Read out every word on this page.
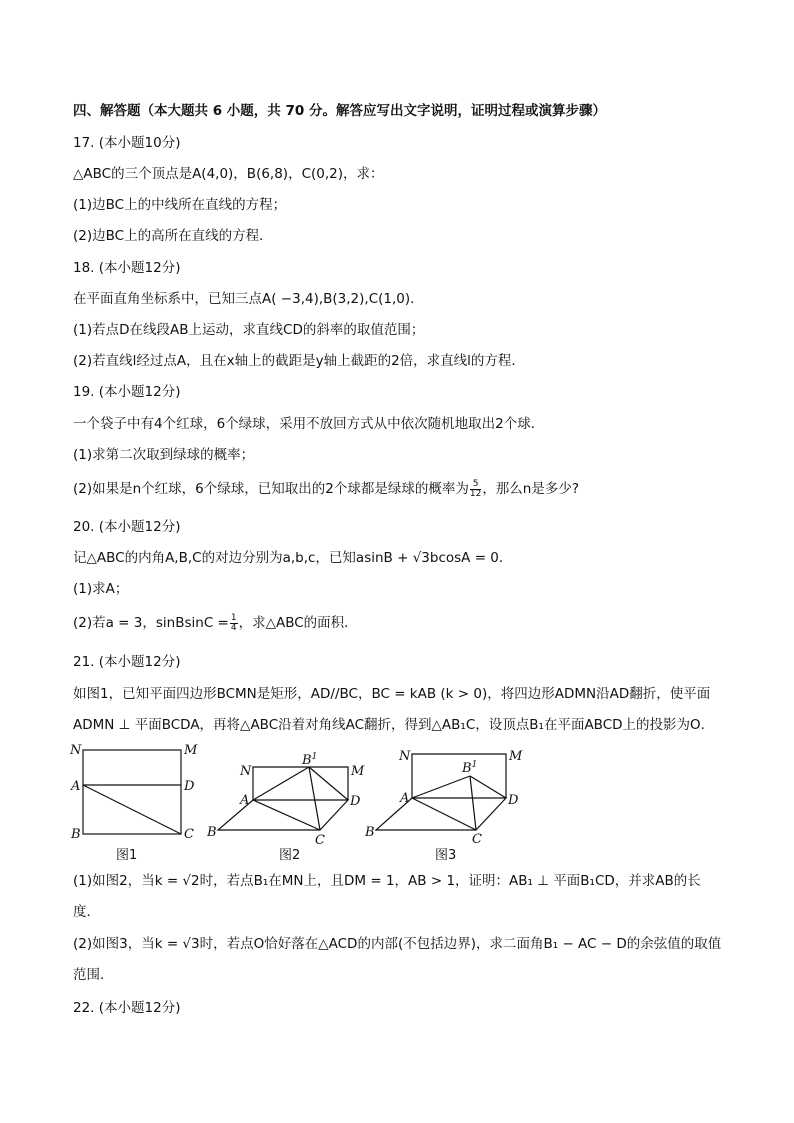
四、解答题（本大题共 6 小题，共 70 分。解答应写出文字说明，证明过程或演算步骤）
17. (本小题10分)
△ABC的三个顶点是A(4,0)，B(6,8)，C(0,2)，求：
(1)边BC上的中线所在直线的方程；
(2)边BC上的高所在直线的方程．
18. (本小题12分)
在平面直角坐标系中，已知三点A( −3,4),B(3,2),C(1,0)．
(1)若点D在线段AB上运动，求直线CD的斜率的取值范围；
(2)若直线l经过点A，且在x轴上的截距是y轴上截距的2倍，求直线l的方程．
19. (本小题12分)
一个袋子中有4个红球，6个绿球，采用不放回方式从中依次随机地取出2个球．
(1)求第二次取到绿球的概率；
(2)如果是n个红球，6个绿球，已知取出的2个球都是绿球的概率为 $\frac{5}{12}$ ，那么n是多少?
20. (本小题12分)
记△ABC的内角A,B,C的对边分别为a,b,c，已知asinB + √3bcosA = 0．
(1)求A；
(2)若a = 3，sinBsinC = $\frac{1}{4}$ ，求△ABC的面积．
21. (本小题12分)
如图1，已知平面四边形BCMN是矩形，AD//BC，BC = kAB (k > 0)，将四边形ADMN沿AD翻折，使平面
ADMN ⊥ 平面BCDA，再将△ABC沿着对角线AC翻折，得到△AB₁C，设顶点B₁在平面ABCD上的投影为O．
N	M
A	D
B	C
图1
N
$B^1$
M
A	D
B
C
图2
N
$B^1$
M
A	D
B	C
图3
(1)如图2，当k = √2时，若点B₁在MN上，且DM = 1，AB > 1，证明：AB₁ ⊥ 平面B₁CD，并求AB的长
度．
(2)如图3，当k = √3时，若点O恰好落在△ACD的内部(不包括边界)，求二面角B₁ − AC − D的余弦值的取值
范围．
22. (本小题12分)
